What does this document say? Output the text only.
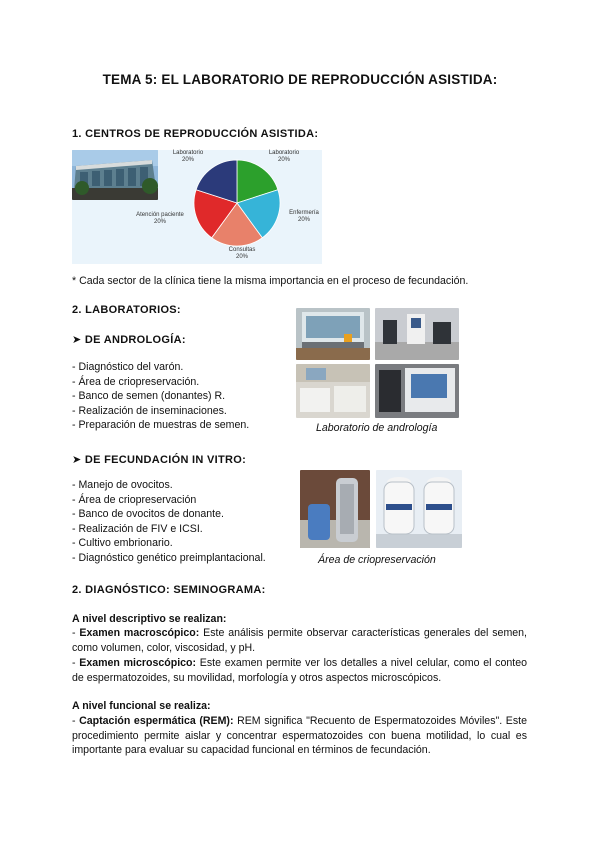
TEMA 5: EL LABORATORIO DE REPRODUCCIÓN ASISTIDA:
1. CENTROS DE REPRODUCCIÓN ASISTIDA:
Laboratorio
20%
Laboratorio
20%
Enfermería
20%
Consultas
20%
Atención paciente
20%
* Cada sector de la clínica tiene la misma importancia en el proceso de fecundación.
2. LABORATORIOS:
➤ DE ANDROLOGÍA:
- Diagnóstico del varón.
- Área de criopreservación.
- Banco de semen (donantes) R.
- Realización de inseminaciones.
- Preparación de muestras de semen.	Laboratorio de andrología
➤ DE FECUNDACIÓN IN VITRO:
- Manejo de ovocitos.
- Área de criopreservación
- Banco de ovocitos de donante.
- Realización de FIV e ICSI.
- Cultivo embrionario.
- Diagnóstico genético preimplantacional.	Área de criopreservación
2. DIAGNÓSTICO: SEMINOGRAMA:
A nivel descriptivo se realizan:
- Examen macroscópico: Este análisis permite observar características generales del semen, como volumen, color, viscosidad, y pH.
- Examen microscópico: Este examen permite ver los detalles a nivel celular, como el conteo de espermatozoides, su movilidad, morfología y otros aspectos microscópicos.
A nivel funcional se realiza:
- Captación espermática (REM): REM significa "Recuento de Espermatozoides Móviles". Este procedimiento permite aislar y concentrar espermatozoides con buena motilidad, lo cual es importante para evaluar su capacidad funcional en términos de fecundación.
